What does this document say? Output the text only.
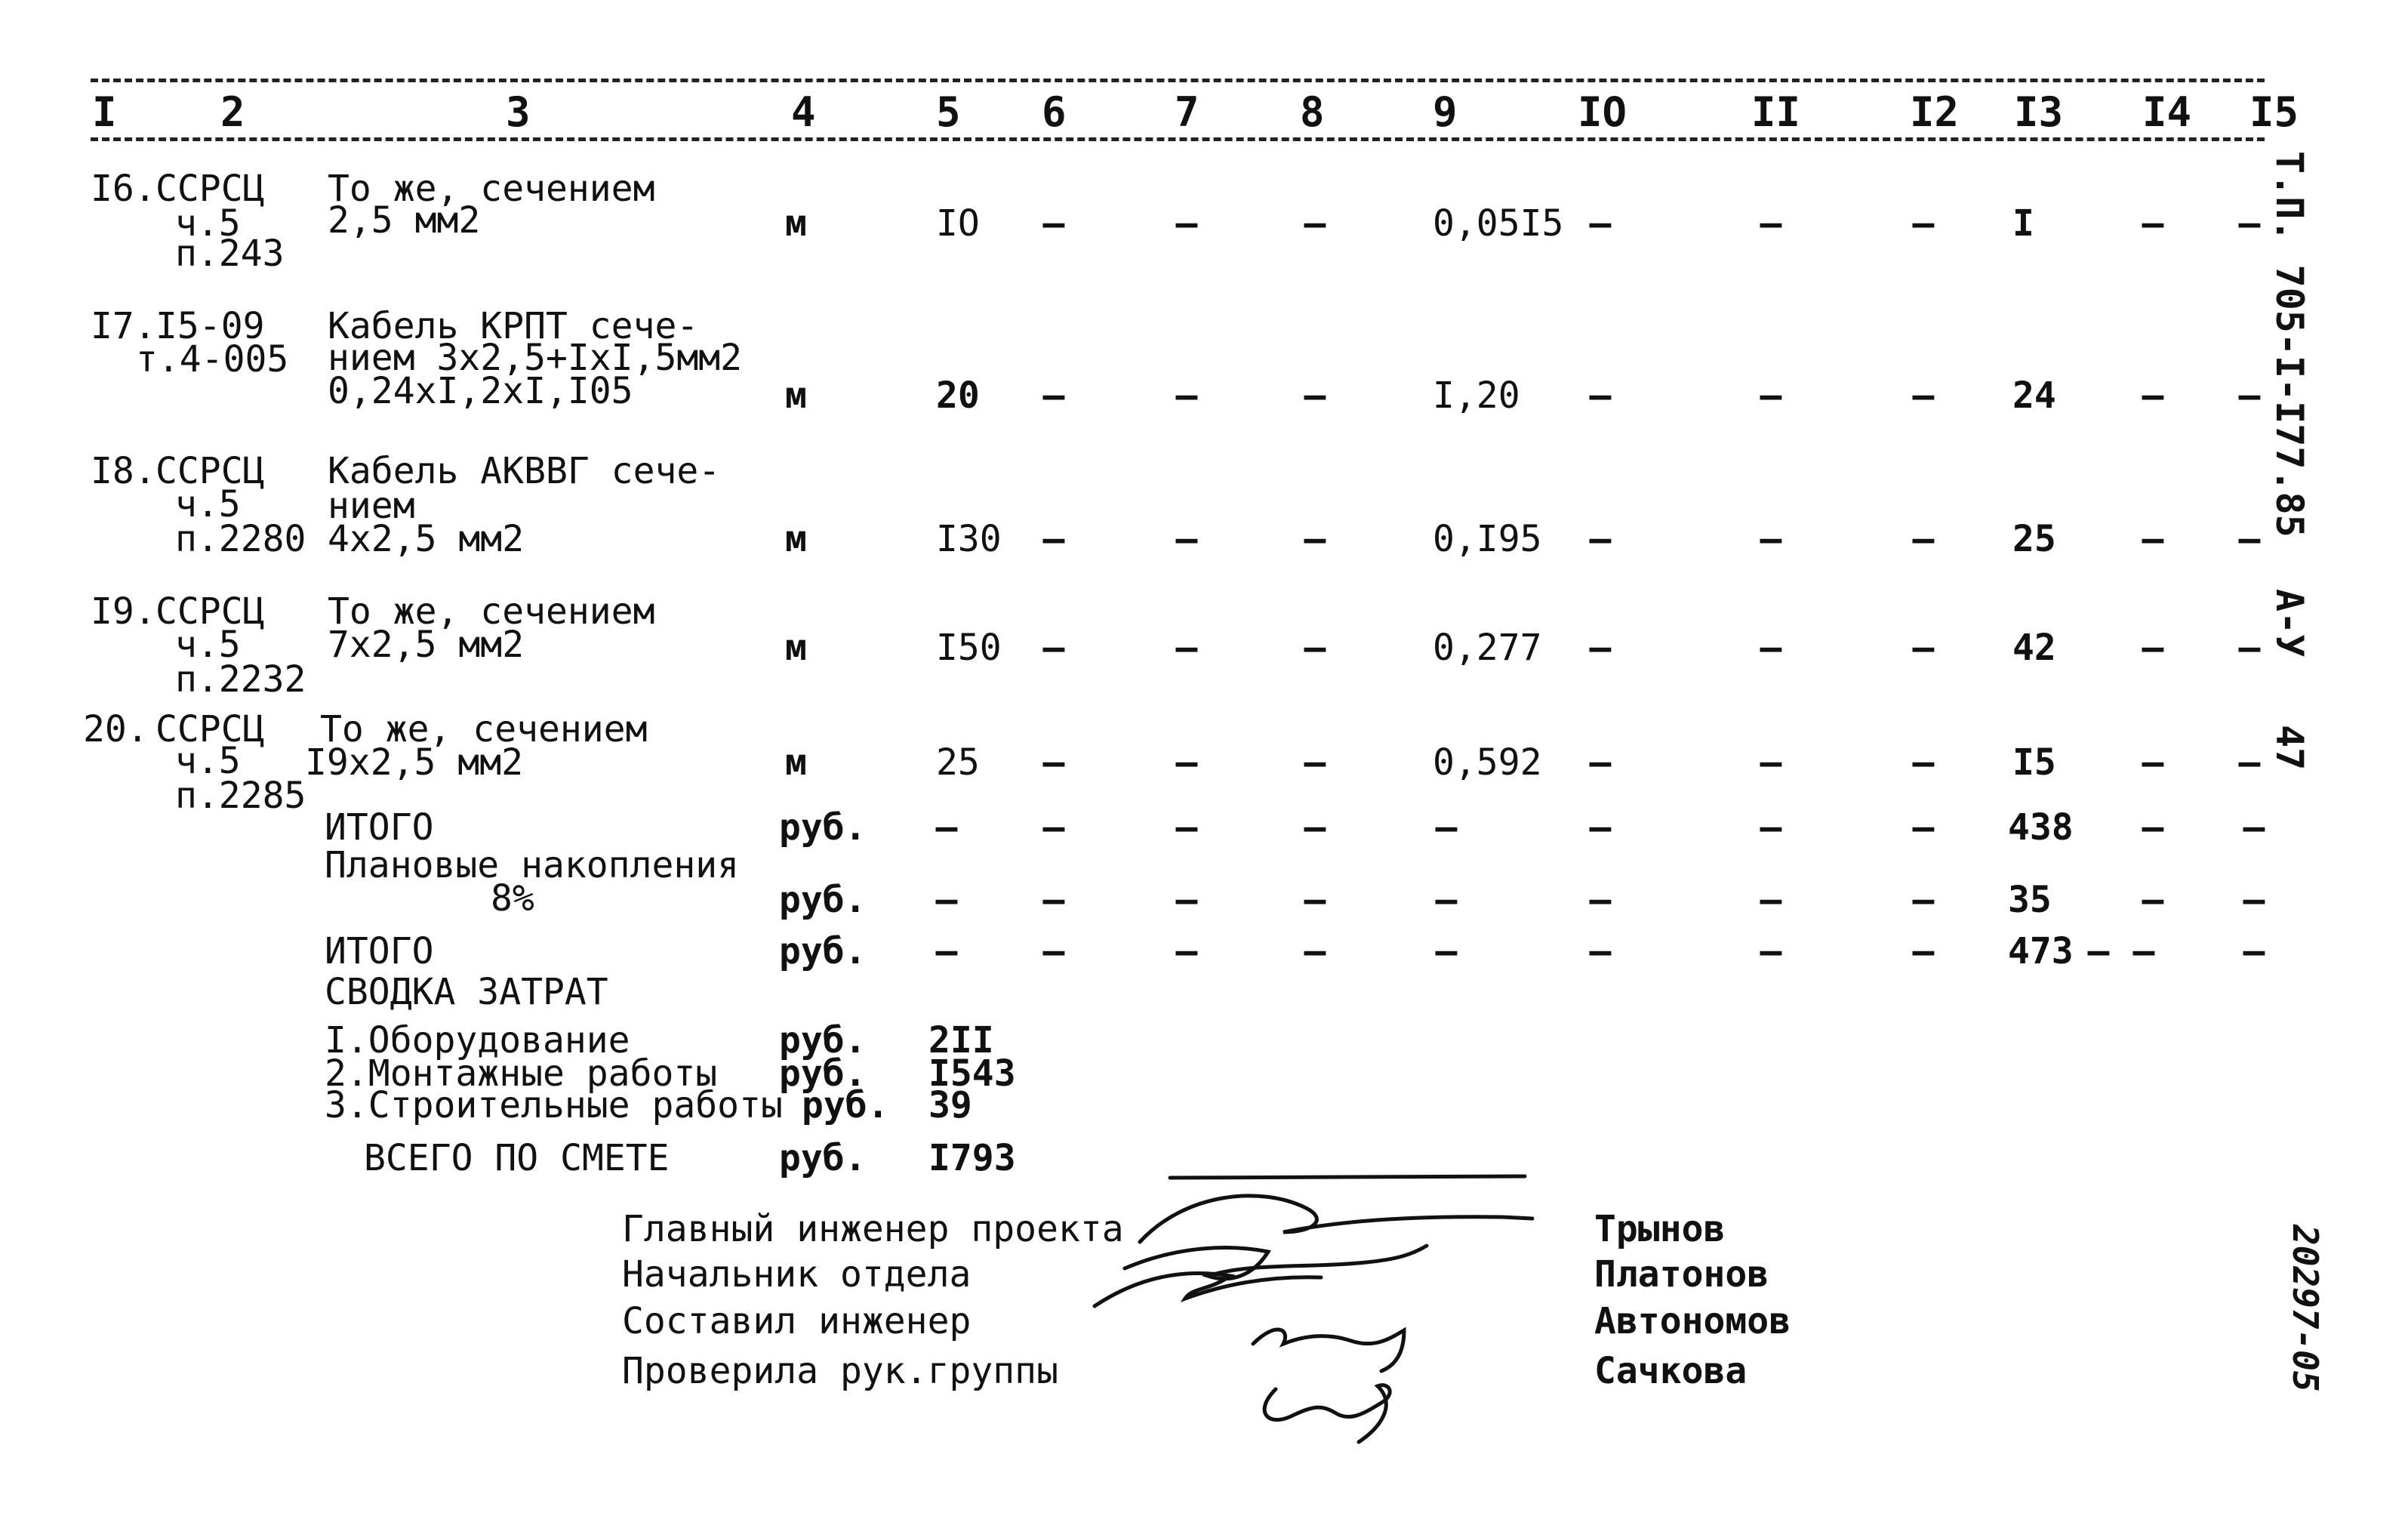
I	2	3	4	5 6	7 8	9	IO	II	I2 I3 I4 I5
Т.П. 705-I-I77.85
А-У
47
I6. ССРСЦ
ч.5
п.243
То же, сечением
2,5 мм2	м	IO	–	–	–	0,05I5 –	–	–	I	–	–
I7. I5-09
т.4-005
Кабель КРПТ сече-
нием 3х2,5+IхI,5мм2
0,24хI,2хI,I05	м	20	–	–	–	I,20	–	–	–	24	–	–
I8. ССРСЦ
ч.5
п.2280
Кабель АКВВГ сече-
нием
4х2,5 мм2	м	I30	–	–	–	0,I95	–	–	–	25	–	–
I9. ССРСЦ
ч.5
п.2232
То же, сечением
7х2,5 мм2	м	I50	–	–	–	0,277	–	–	–	42	–	–
20. ССРСЦ
ч.5
п.2285
То же, сечением
I9х2,5 мм2	м	25	–	–	–	0,592	–	–	–	I5	–	–
ИТОГО	руб.	–	–	–	–	–	–	–	–	438	–	–
Плановые накопления
8%	руб.	–	–	–	–	–	–	–	–	35	–	–
ИТОГО	руб.	–	–	–	–	–	–	–	–	473 – –	–
СВОДКА ЗАТРАТ
I.Оборудование	руб. 2II
2.Монтажные работы руб. I543
3.Строительные работы руб. 39
ВСЕГО ПО СМЕТЕ	руб. I793
Главный инженер проекта	Трынов
Начальник отдела	Платонов
Составил инженер	Автономов
Проверила рук.группы	Сачкова	20297-05
